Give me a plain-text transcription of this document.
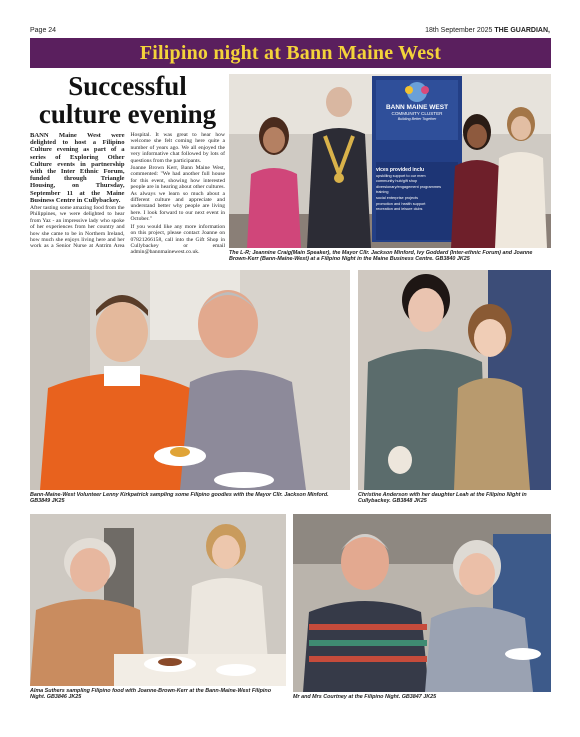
Page 24	18th September 2025 THE GUARDIAN,
Filipino night at Bann Maine West
Successful
culture evening

BANN Maine West were delighted to host a Filipino Culture evening as part of a series of Exploring Other Culture events in partnership with the Inter Ethnic Forum, funded through Triangle Housing, on Thursday, September 11 at the Maine Business Centre in Cullybackey.

After tasting some amazing food from the Philippines, we were delighted to hear from Yaz - an impressive lady who spoke of her experiences from her country and how she came to be in Northern Ireland, how much she enjoys living here and her work as a Senior Nurse at Antrim Area Hospital. It was great to hear how welcome she felt coming here quite a number of years ago. We all enjoyed the very informative chat followed by lots of questions from the participants.

Joanne Brown Kerr, Bann Maine West, commented: "We had another full house for this event, showing how interested people are in hearing about other cultures. As always we learn so much about a different culture and appreciate and understand better why people are living here. I look forward to our next event in October."

If you would like any more information on this project, please contact Joanne on 07821266158, call into the Gift Shop in Cullybackey or email admin@bannmainewest.co.uk.

BANN MAINE WEST
COMMUNITY CLUSTER
Building Better Together
vices provided inclu
upskilling support to our mem
community hub/gift shop
diversionary/engagement programmes
training
social enterprise projects
promotion and health support
recreation and leisure clubs
The L-R; Jeannine Craig(Main Speaker), the Mayor Cllr. Jackson Minford, Ivy Goddard (Inter-ethnic Forum) and Joanne Brown-Kerr (Bann-Maine-West) at a Filipino Night in the Maine Business Centre. GB3840 JK25
Bann-Maine-West Volunteer Lenny Kirkpatrick sampling some Filipino goodies with the Mayor Cllr. Jackson Minford. GB3849 JK25
Christine Anderson with her daughter Leah at the Filipino Night in Cullybackey. GB3848 JK25
Alma Suthers sampling Filipino food with Joanne-Brown-Kerr at the Bann-Maine-West Filipino Night. GB3846 JK25	Mr and Mrs Courtney at the Filipino Night. GB3847 JK25
